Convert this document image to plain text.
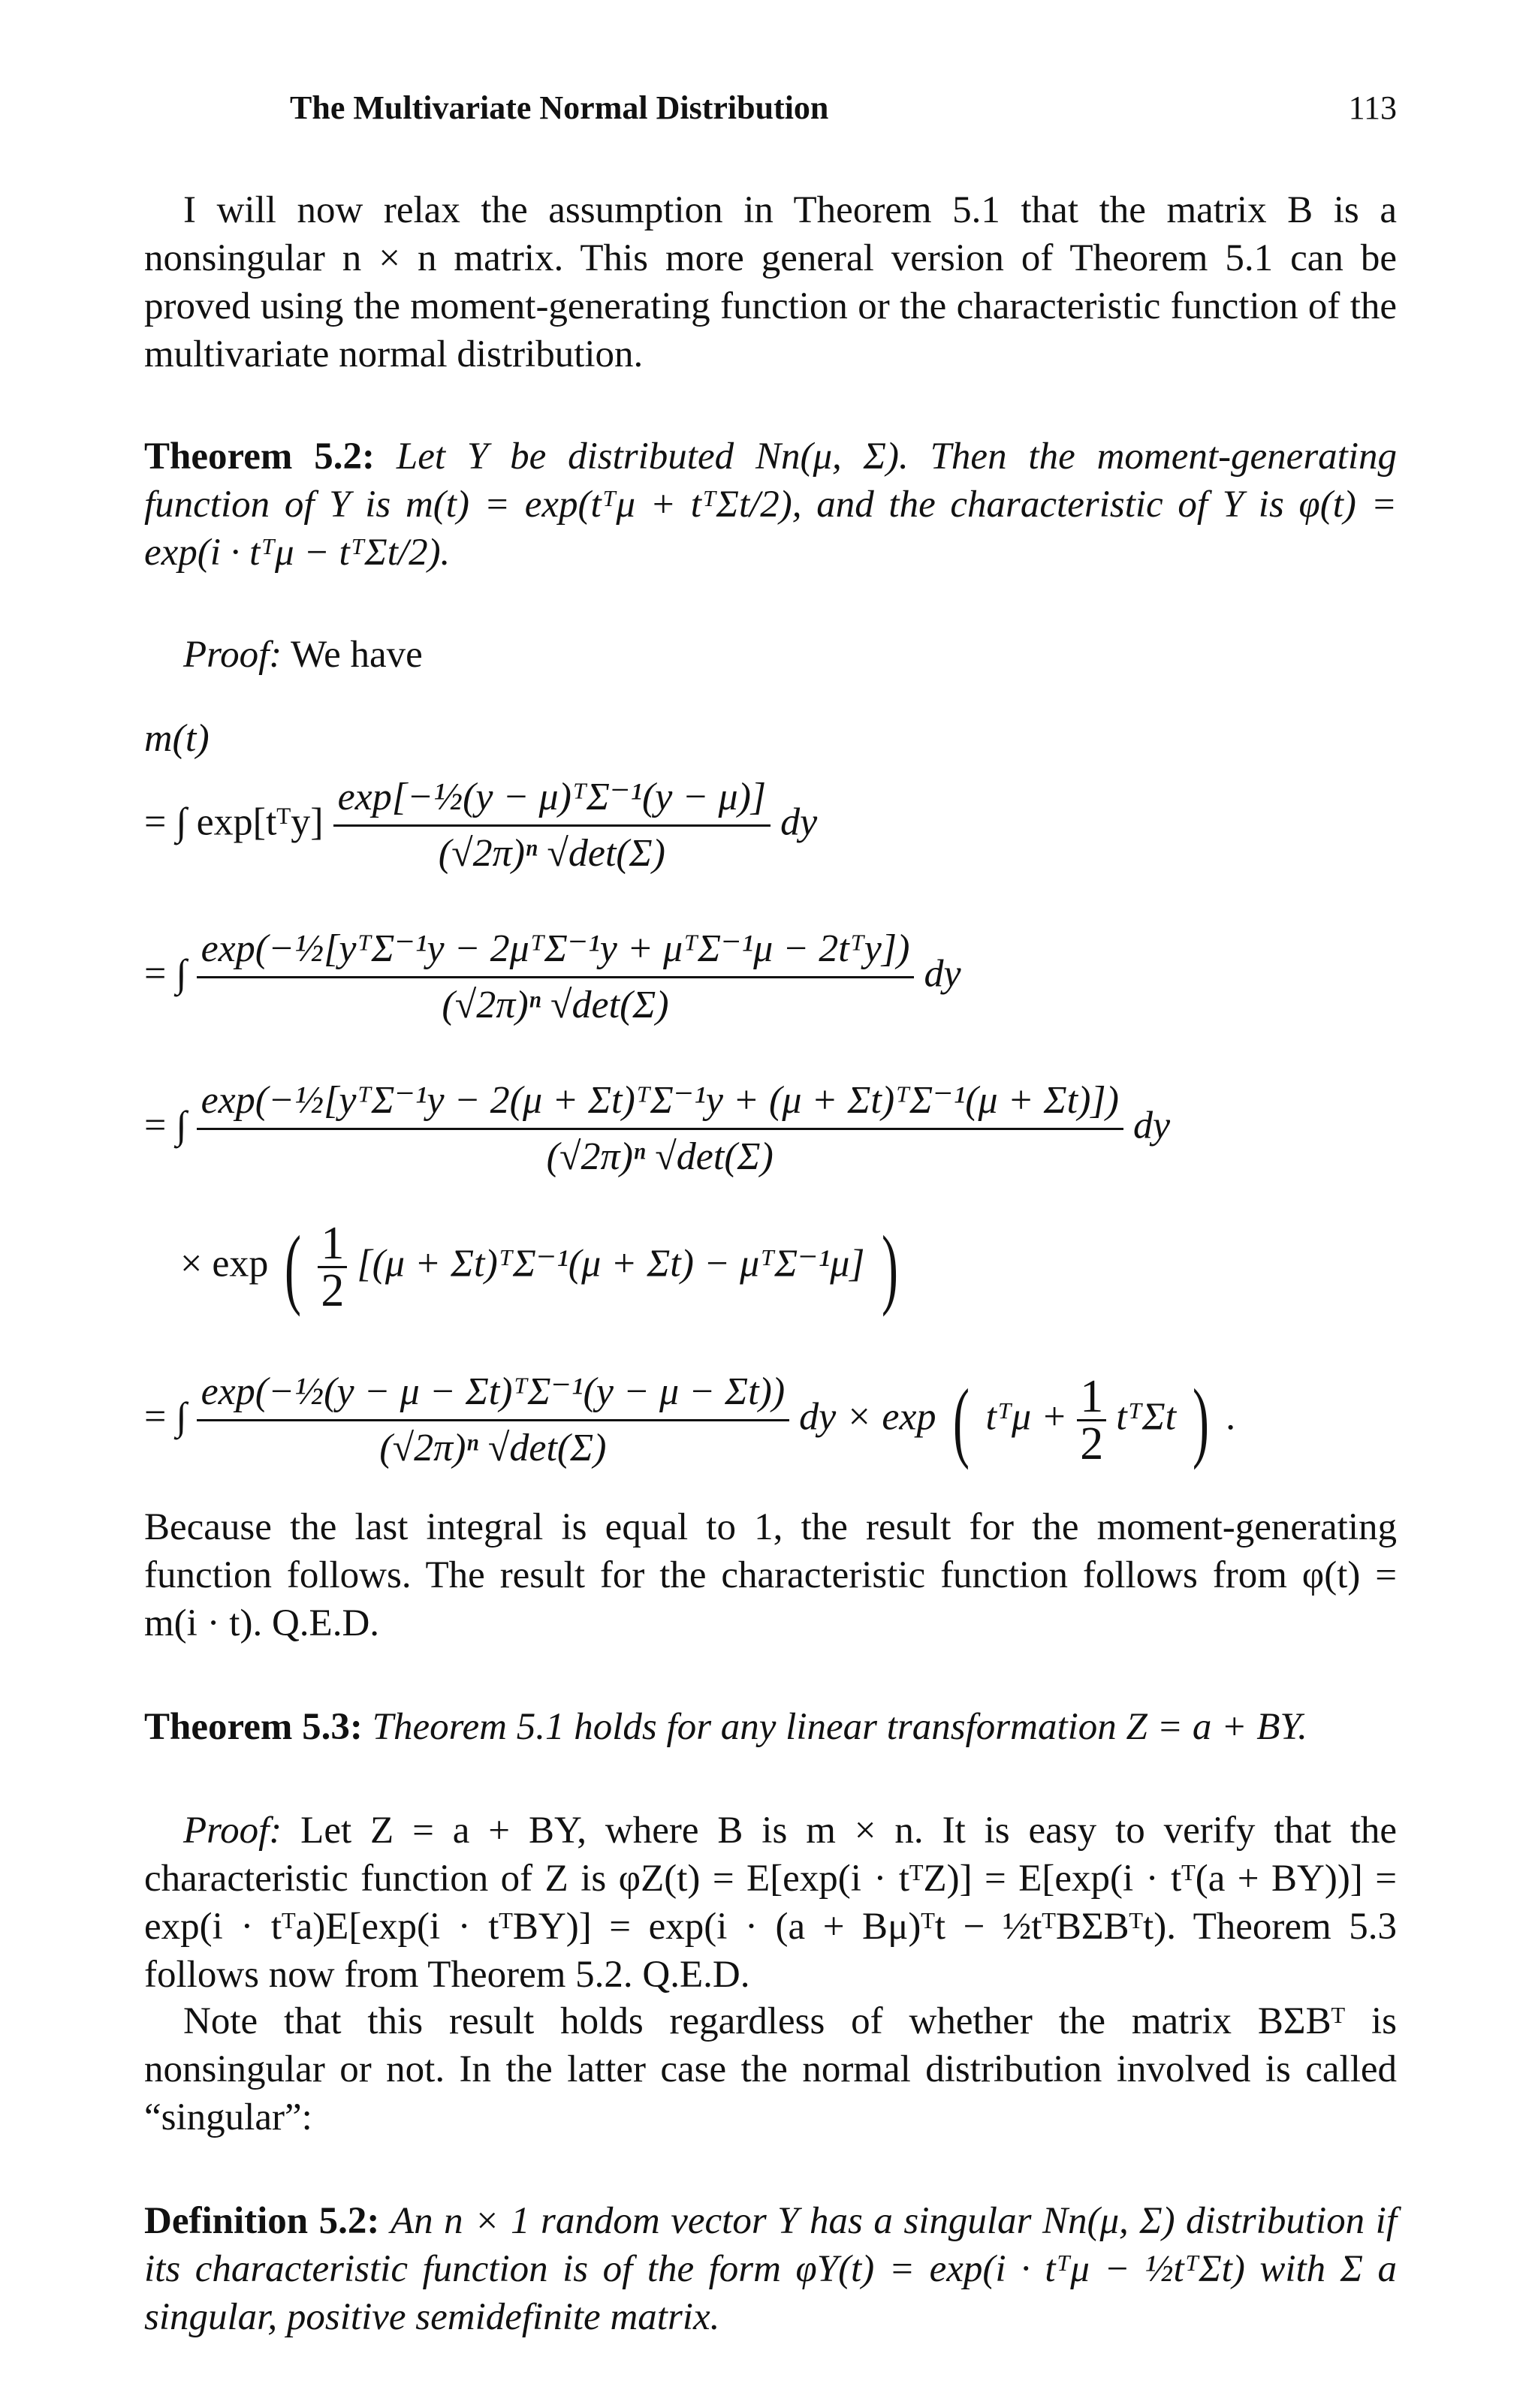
The Multivariate Normal Distribution	113
I will now relax the assumption in Theorem 5.1 that the matrix B is a nonsingular n × n matrix. This more general version of Theorem 5.1 can be proved using the moment-generating function or the characteristic function of the multivariate normal distribution.
Theorem 5.2: Let Y be distributed Nn(μ, Σ). Then the moment-generating function of Y is m(t) = exp(tᵀμ + tᵀΣt/2), and the characteristic of Y is φ(t) = exp(i · tᵀμ − tᵀΣt/2).
Proof: We have
m(t)
= ∫ exp[tᵀy] $\frac{\text{exp[−½(y − μ)ᵀΣ⁻¹(y − μ)]}}{\text{(√2π)ⁿ √det(Σ)}}$ dy
= ∫ $\frac{\text{exp(−½[yᵀΣ⁻¹y − 2μᵀΣ⁻¹y + μᵀΣ⁻¹μ − 2tᵀy])}}{\text{(√2π)ⁿ √det(Σ)}}$ dy
= ∫ $\frac{\text{exp(−½[yᵀΣ⁻¹y − 2(μ + Σt)ᵀΣ⁻¹y + (μ + Σt)ᵀΣ⁻¹(μ + Σt)])}}{\text{(√2π)ⁿ √det(Σ)}}$ dy
× exp ( $\frac{1}{2} [(\mu$ + Σt)ᵀΣ⁻¹(μ + Σt) − μᵀΣ⁻¹μ] )
= ∫ $\frac{\text{exp(−½(y − μ − Σt)ᵀΣ⁻¹(y − μ − Σt))}}{\text{(√2π)ⁿ √det(Σ)}}$ dy × exp ( tᵀμ + $\frac{1}{2}$ tᵀΣt ) .
Because the last integral is equal to 1, the result for the moment-generating function follows. The result for the characteristic function follows from φ(t) = m(i · t). Q.E.D.
Theorem 5.3: Theorem 5.1 holds for any linear transformation Z = a + BY.
Proof: Let Z = a + BY, where B is m × n. It is easy to verify that the characteristic function of Z is φZ(t) = E[exp(i · tᵀZ)] = E[exp(i · tᵀ(a + BY))] = exp(i · tᵀa)E[exp(i · tᵀBY)] = exp(i · (a + Bμ)ᵀt − ½tᵀBΣBᵀt). Theorem 5.3 follows now from Theorem 5.2. Q.E.D.
Note that this result holds regardless of whether the matrix BΣBᵀ is nonsingular or not. In the latter case the normal distribution involved is called “singular”:
Definition 5.2: An n × 1 random vector Y has a singular Nn(μ, Σ) distribution if its characteristic function is of the form φY(t) = exp(i · tᵀμ − ½tᵀΣt) with Σ a singular, positive semidefinite matrix.
